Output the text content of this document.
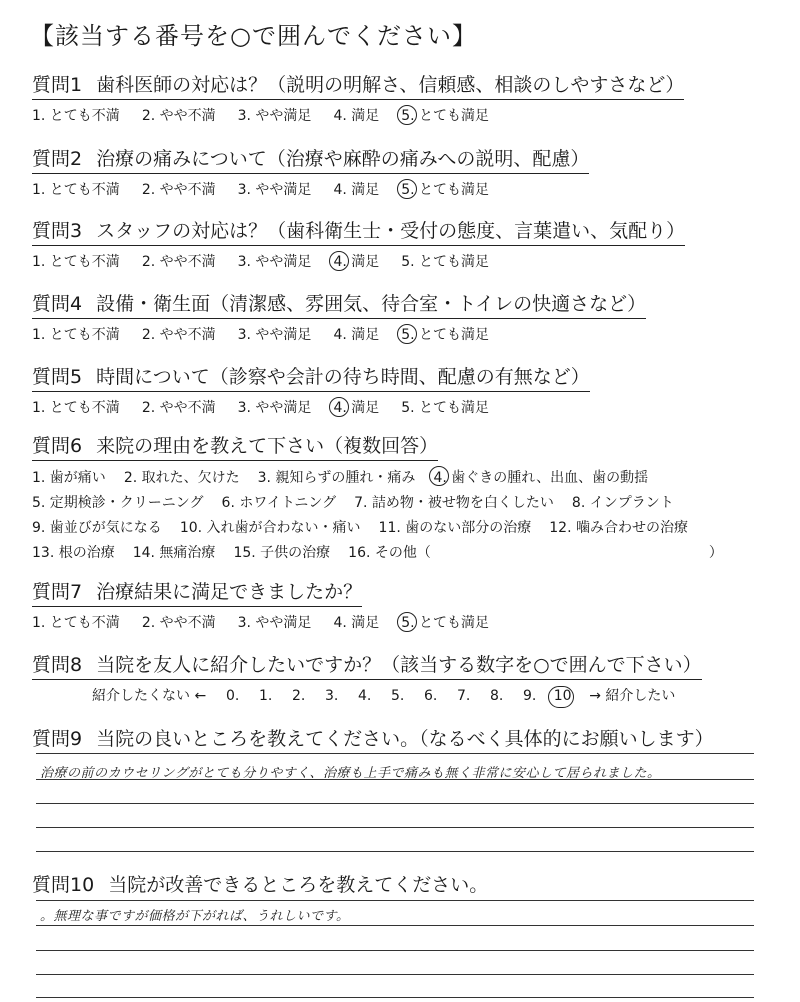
【該当する番号を○で囲んでください】
質問1 歯科医師の対応は？（説明の明解さ、信頼感、相談のしやすさなど）
1. とても不満 2. やや不満 3. やや満足 4. 満足 5. とても満足
質問2 治療の痛みについて（治療や麻酔の痛みへの説明、配慮）
1. とても不満 2. やや不満 3. やや満足 4. 満足 5. とても満足
質問3 スタッフの対応は？（歯科衛生士・受付の態度、言葉遣い、気配り）
1. とても不満 2. やや不満 3. やや満足 4. 満足 5. とても満足
質問4 設備・衛生面（清潔感、雰囲気、待合室・トイレの快適さなど）
1. とても不満 2. やや不満 3. やや満足 4. 満足 5. とても満足
質問5 時間について（診察や会計の待ち時間、配慮の有無など）
1. とても不満 2. やや不満 3. やや満足 4. 満足 5. とても満足
質問6 来院の理由を教えて下さい（複数回答）
1. 歯が痛い 2. 取れた、欠けた 3. 親知らずの腫れ・痛み 4. 歯ぐきの腫れ、出血、歯の動揺
5. 定期検診・クリーニング 6. ホワイトニング 7. 詰め物・被せ物を白くしたい 8. インプラント
9. 歯並びが気になる 10. 入れ歯が合わない・痛い 11. 歯のない部分の治療 12. 噛み合わせの治療
13. 根の治療 14. 無痛治療 15. 子供の治療 16. その他（	）
質問7 治療結果に満足できましたか？
1. とても不満 2. やや不満 3. やや満足 4. 満足 5. とても満足
質問8 当院を友人に紹介したいですか？（該当する数字を○で囲んで下さい）
紹介したくない ← 0. 1. 2. 3. 4. 5. 6. 7. 8. 9. 10 → 紹介したい
質問9 当院の良いところを教えてください。（なるべく具体的にお願いします）
治療の前のカウセリングがとても分りやすく、治療も上手で痛みも無く非常に安心して居られました。
質問10 当院が改善できるところを教えてください。
。無理な事ですが価格が下がれば、うれしいです。
